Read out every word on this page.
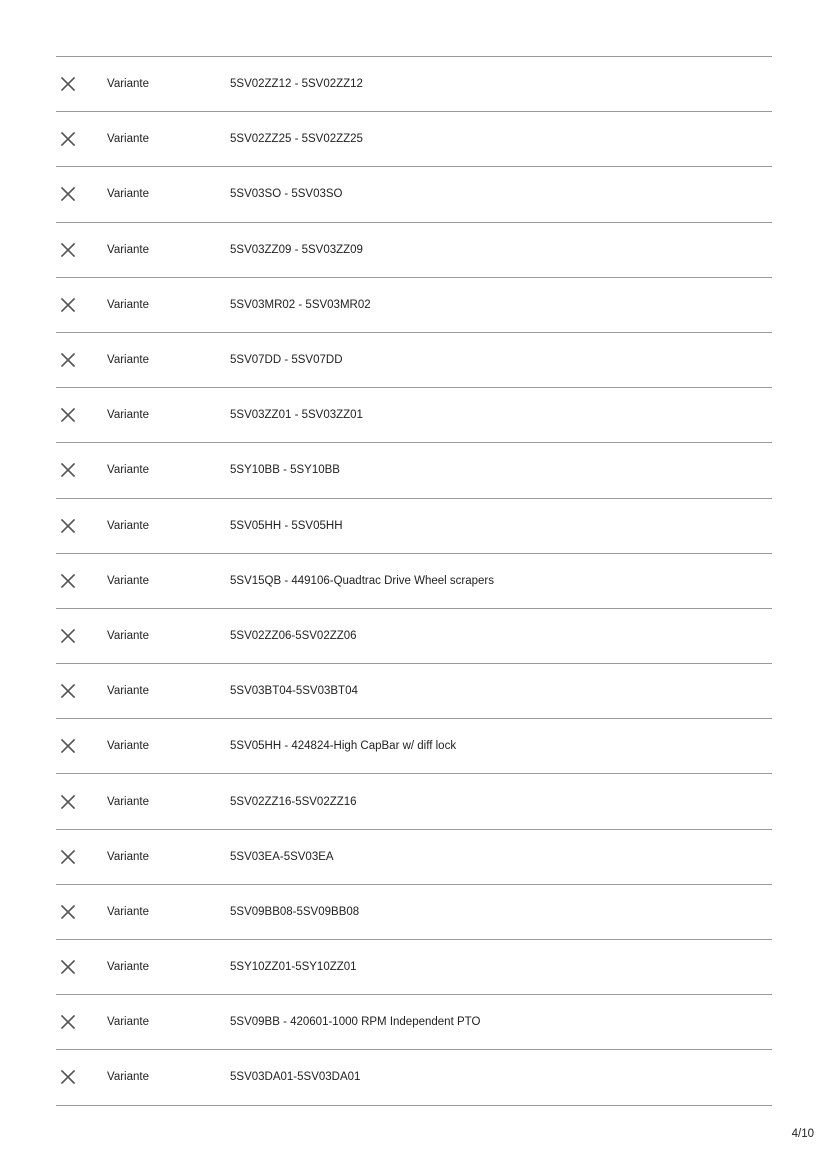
Variante	5SV02ZZ12 - 5SV02ZZ12
Variante	5SV02ZZ25 - 5SV02ZZ25
Variante	5SV03SO - 5SV03SO
Variante	5SV03ZZ09 - 5SV03ZZ09
Variante	5SV03MR02 - 5SV03MR02
Variante	5SV07DD - 5SV07DD
Variante	5SV03ZZ01 - 5SV03ZZ01
Variante	5SY10BB - 5SY10BB
Variante	5SV05HH - 5SV05HH
Variante	5SV15QB - 449106-Quadtrac Drive Wheel scrapers
Variante	5SV02ZZ06-5SV02ZZ06
Variante	5SV03BT04-5SV03BT04
Variante	5SV05HH - 424824-High CapBar w/ diff lock
Variante	5SV02ZZ16-5SV02ZZ16
Variante	5SV03EA-5SV03EA
Variante	5SV09BB08-5SV09BB08
Variante	5SY10ZZ01-5SY10ZZ01
Variante	5SV09BB - 420601-1000 RPM Independent PTO
Variante	5SV03DA01-5SV03DA01
4/10
